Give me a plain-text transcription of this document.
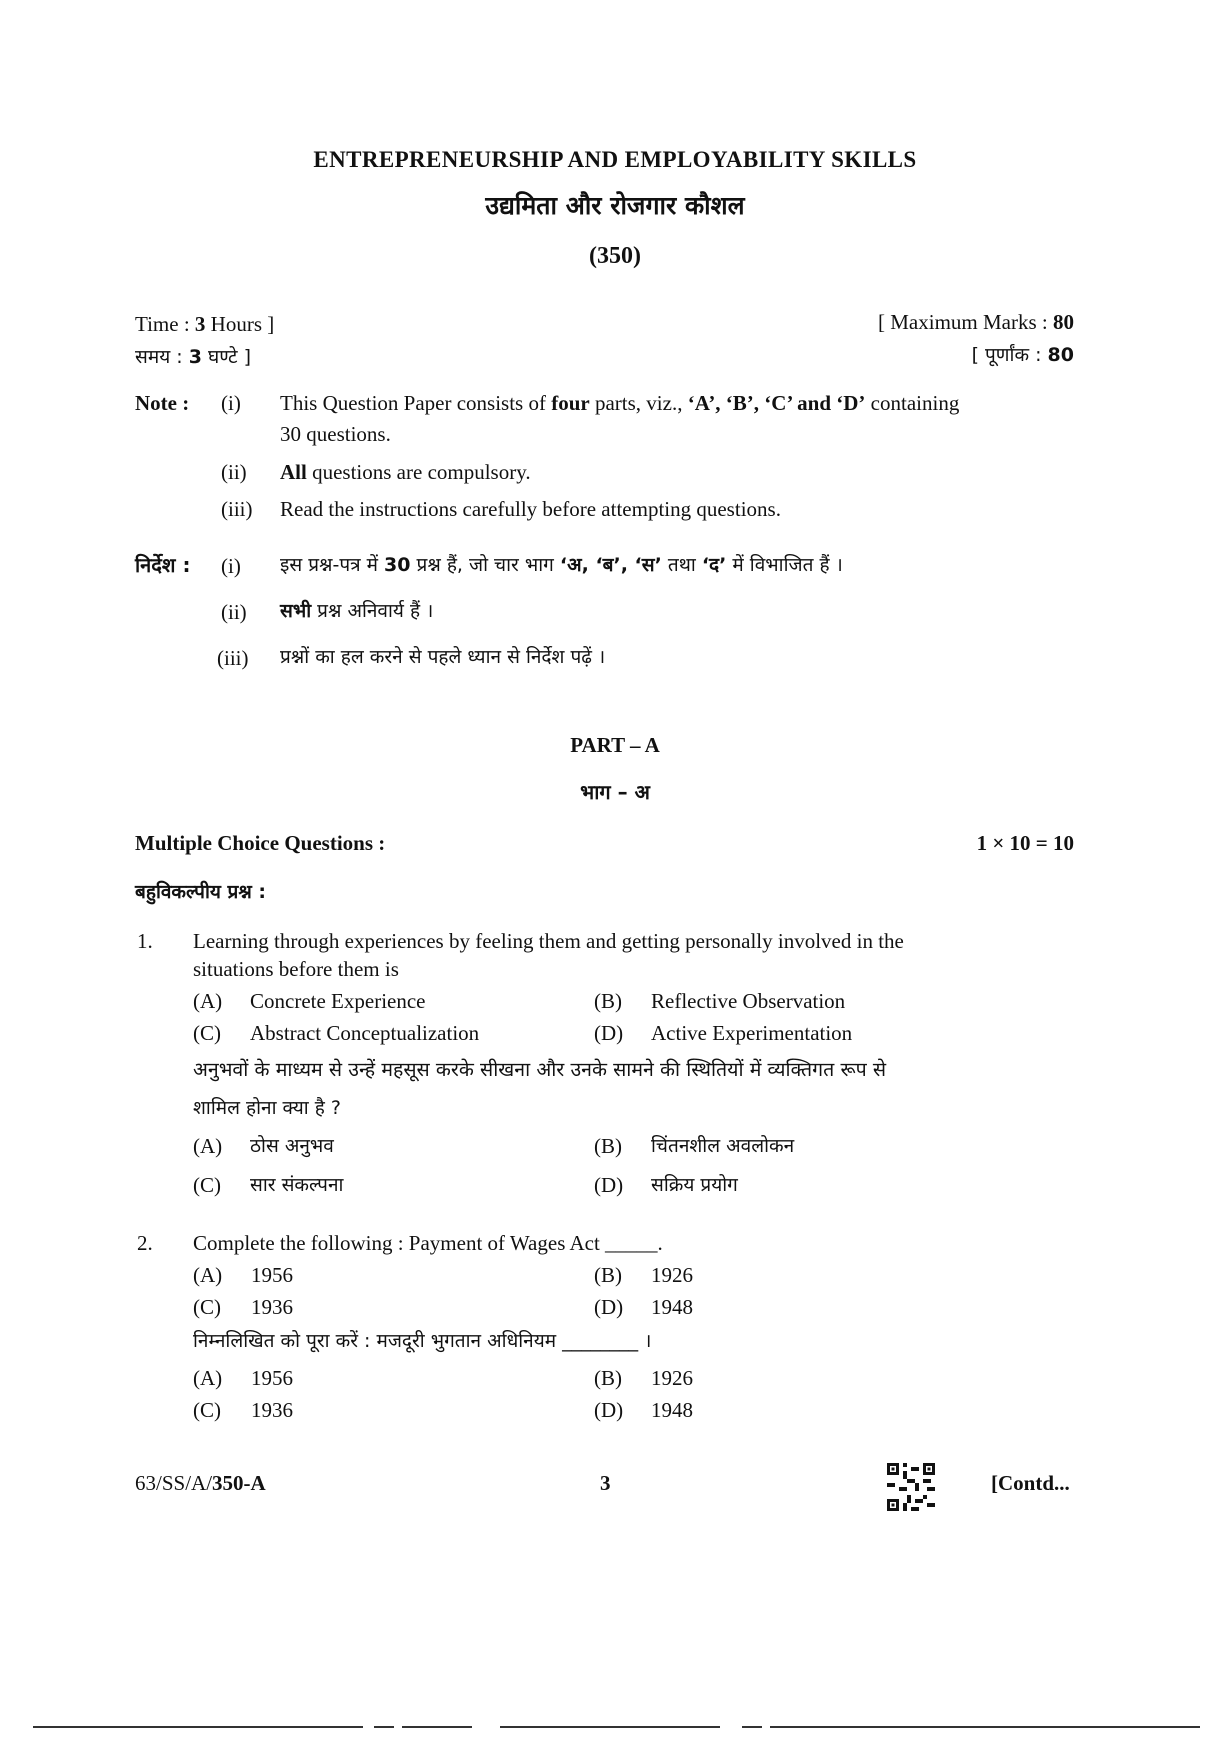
ENTREPRENEURSHIP AND EMPLOYABILITY SKILLS
उद्यमिता और रोजगार कौशल
(350)
Time : 3 Hours ]
समय : 3 घण्टे ]
[ Maximum Marks : 80
[ पूर्णांक : 80
Note : (i) This Question Paper consists of four parts, viz., ‘A’, ‘B’, ‘C’ and ‘D’ containing
30 questions.
(ii) All questions are compulsory.
(iii) Read the instructions carefully before attempting questions.
निर्देश : (i) इस प्रश्न-पत्र में 30 प्रश्न हैं, जो चार भाग ‘अ, ‘ब’, ‘स’ तथा ‘द’ में विभाजित हैं ।
(ii) सभी प्रश्न अनिवार्य हैं ।
(iii) प्रश्नों का हल करने से पहले ध्यान से निर्देश पढ़ें ।
PART – A
भाग – अ
Multiple Choice Questions :	1 × 10 = 10
बहुविकल्पीय प्रश्न :
1. Learning through experiences by feeling them and getting personally involved in the
situations before them is
(A) Concrete Experience	(B) Reflective Observation
(C) Abstract Conceptualization	(D) Active Experimentation
अनुभवों के माध्यम से उन्हें महसूस करके सीखना और उनके सामने की स्थितियों में व्यक्तिगत रूप से
शामिल होना क्या है ?
(A) ठोस अनुभव	(B) चिंतनशील अवलोकन
(C) सार संकल्पना	(D) सक्रिय प्रयोग
2. Complete the following : Payment of Wages Act _____.
(A) 1956	(B) 1926
(C) 1936	(D) 1948
निम्नलिखित को पूरा करें : मजदूरी भुगतान अधिनियम ________ ।
(A) 1956	(B) 1926
(C) 1936	(D) 1948
63/SS/A/350-A	3	[Contd...
